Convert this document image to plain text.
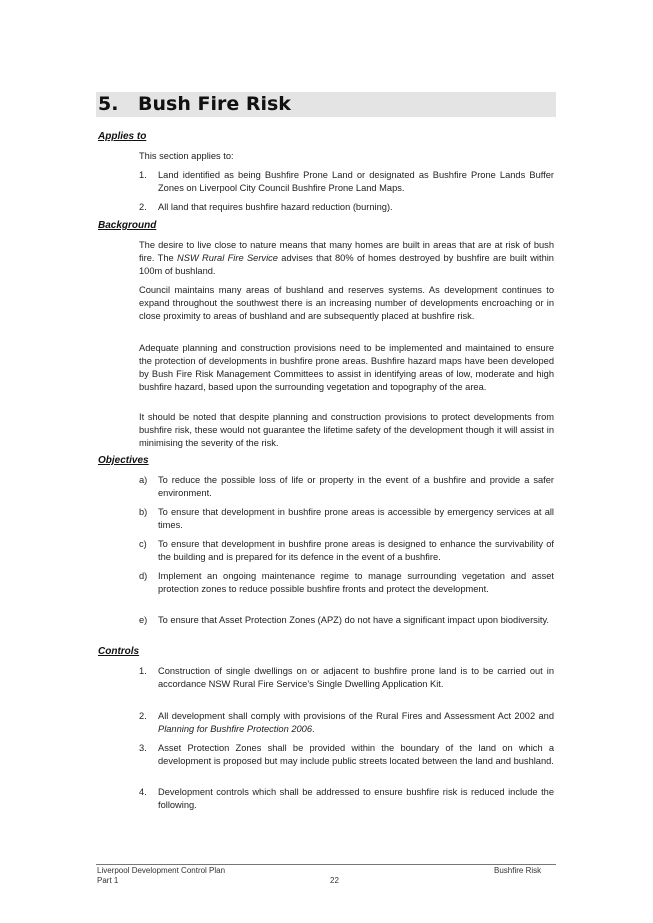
5. Bush Fire Risk
Applies to

This section applies to:

1. Land identified as being Bushfire Prone Land or designated as Bushfire Prone Lands Buffer Zones on Liverpool City Council Bushfire Prone Land Maps.
2. All land that requires bushfire hazard reduction (burning).
Background

The desire to live close to nature means that many homes are built in areas that are at risk of bush fire. The NSW Rural Fire Service advises that 80% of homes destroyed by bushfire are built within 100m of bushland.

Council maintains many areas of bushland and reserves systems. As development continues to expand throughout the southwest there is an increasing number of developments encroaching or in close proximity to areas of bushland and are subsequently placed at bushfire risk.

Adequate planning and construction provisions need to be implemented and maintained to ensure the protection of developments in bushfire prone areas. Bushfire hazard maps have been developed by Bush Fire Risk Management Committees to assist in identifying areas of low, moderate and high bushfire hazard, based upon the surrounding vegetation and topography of the area.

It should be noted that despite planning and construction provisions to protect developments from bushfire risk, these would not guarantee the lifetime safety of the development though it will assist in minimising the severity of the risk.

Objectives
a) To reduce the possible loss of life or property in the event of a bushfire and provide a safer environment.
b) To ensure that development in bushfire prone areas is accessible by emergency services at all times.
c) To ensure that development in bushfire prone areas is designed to enhance the survivability of the building and is prepared for its defence in the event of a bushfire.
d) Implement an ongoing maintenance regime to manage surrounding vegetation and asset protection zones to reduce possible bushfire fronts and protect the development.
e) To ensure that Asset Protection Zones (APZ) do not have a significant impact upon biodiversity.
Controls
1. Construction of single dwellings on or adjacent to bushfire prone land is to be carried out in accordance NSW Rural Fire Service's Single Dwelling Application Kit.
2. All development shall comply with provisions of the Rural Fires and Assessment Act 2002 and Planning for Bushfire Protection 2006.
3. Asset Protection Zones shall be provided within the boundary of the land on which a development is proposed but may include public streets located between the land and bushland.
4. Development controls which shall be addressed to ensure bushfire risk is reduced include the following.
Liverpool Development Control Plan
Part 1	22
Bushfire Risk
